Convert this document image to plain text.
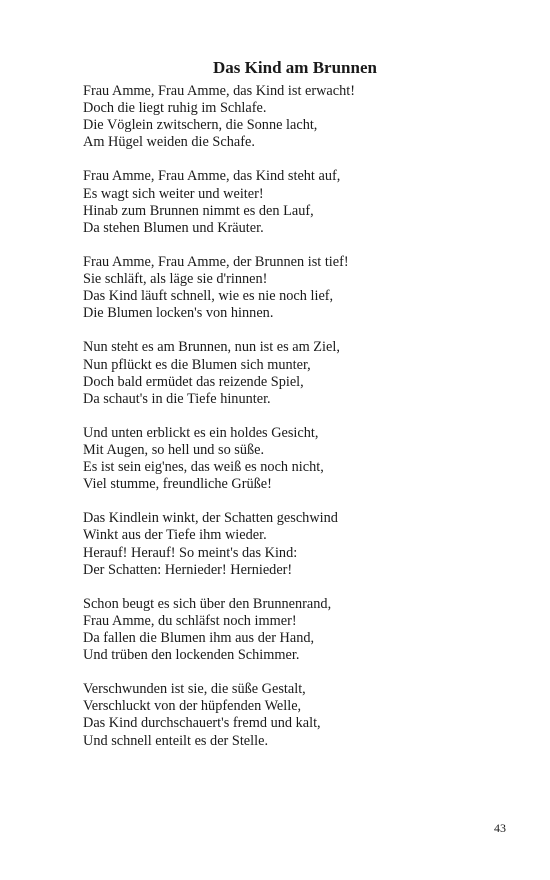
Das Kind am Brunnen
Frau Amme, Frau Amme, das Kind ist erwacht!
Doch die liegt ruhig im Schlafe.
Die Vöglein zwitschern, die Sonne lacht,
Am Hügel weiden die Schafe.
Frau Amme, Frau Amme, das Kind steht auf,
Es wagt sich weiter und weiter!
Hinab zum Brunnen nimmt es den Lauf,
Da stehen Blumen und Kräuter.
Frau Amme, Frau Amme, der Brunnen ist tief!
Sie schläft, als läge sie d'rinnen!
Das Kind läuft schnell, wie es nie noch lief,
Die Blumen locken's von hinnen.
Nun steht es am Brunnen, nun ist es am Ziel,
Nun pflückt es die Blumen sich munter,
Doch bald ermüdet das reizende Spiel,
Da schaut's in die Tiefe hinunter.
Und unten erblickt es ein holdes Gesicht,
Mit Augen, so hell und so süße.
Es ist sein eig'nes, das weiß es noch nicht,
Viel stumme, freundliche Grüße!
Das Kindlein winkt, der Schatten geschwind
Winkt aus der Tiefe ihm wieder.
Herauf! Herauf! So meint's das Kind:
Der Schatten: Hernieder! Hernieder!
Schon beugt es sich über den Brunnenrand,
Frau Amme, du schläfst noch immer!
Da fallen die Blumen ihm aus der Hand,
Und trüben den lockenden Schimmer.
Verschwunden ist sie, die süße Gestalt,
Verschluckt von der hüpfenden Welle,
Das Kind durchschauert's fremd und kalt,
Und schnell enteilt es der Stelle.
43
